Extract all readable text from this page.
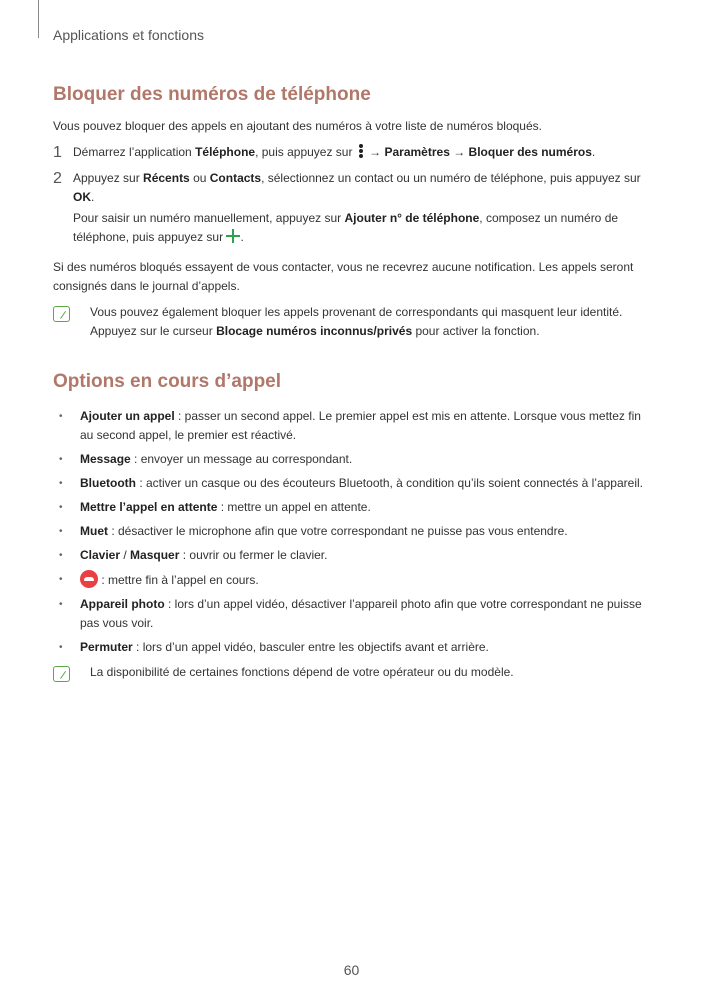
Applications et fonctions
Bloquer des numéros de téléphone

Vous pouvez bloquer des appels en ajoutant des numéros à votre liste de numéros bloqués.

1 Démarrez l’application Téléphone, puis appuyez sur
→ Paramètres → Bloquer des numéros.
2 Appuyez sur Récents ou Contacts, sélectionnez un contact ou un numéro de téléphone, puis appuyez sur OK.
Pour saisir un numéro manuellement, appuyez sur Ajouter n° de téléphone, composez un numéro de téléphone, puis appuyez sur .

Si des numéros bloqués essayent de vous contacter, vous ne recevrez aucune notification. Les appels seront consignés dans le journal d’appels.

Vous pouvez également bloquer les appels provenant de correspondants qui masquent leur identité. Appuyez sur le curseur Blocage numéros inconnus/privés pour activer la fonction.

Options en cours d’appel
• Ajouter un appel : passer un second appel. Le premier appel est mis en attente. Lorsque vous mettez fin au second appel, le premier est réactivé.
• Message : envoyer un message au correspondant.
• Bluetooth : activer un casque ou des écouteurs Bluetooth, à condition qu’ils soient connectés à l’appareil.
• Mettre l’appel en attente : mettre un appel en attente.
• Muet : désactiver le microphone afin que votre correspondant ne puisse pas vous entendre.
• Clavier / Masquer : ouvrir ou fermer le clavier.
• : mettre fin à l’appel en cours.
• Appareil photo : lors d’un appel vidéo, désactiver l’appareil photo afin que votre correspondant ne puisse pas vous voir.
• Permuter : lors d’un appel vidéo, basculer entre les objectifs avant et arrière.

La disponibilité de certaines fonctions dépend de votre opérateur ou du modèle.

60
